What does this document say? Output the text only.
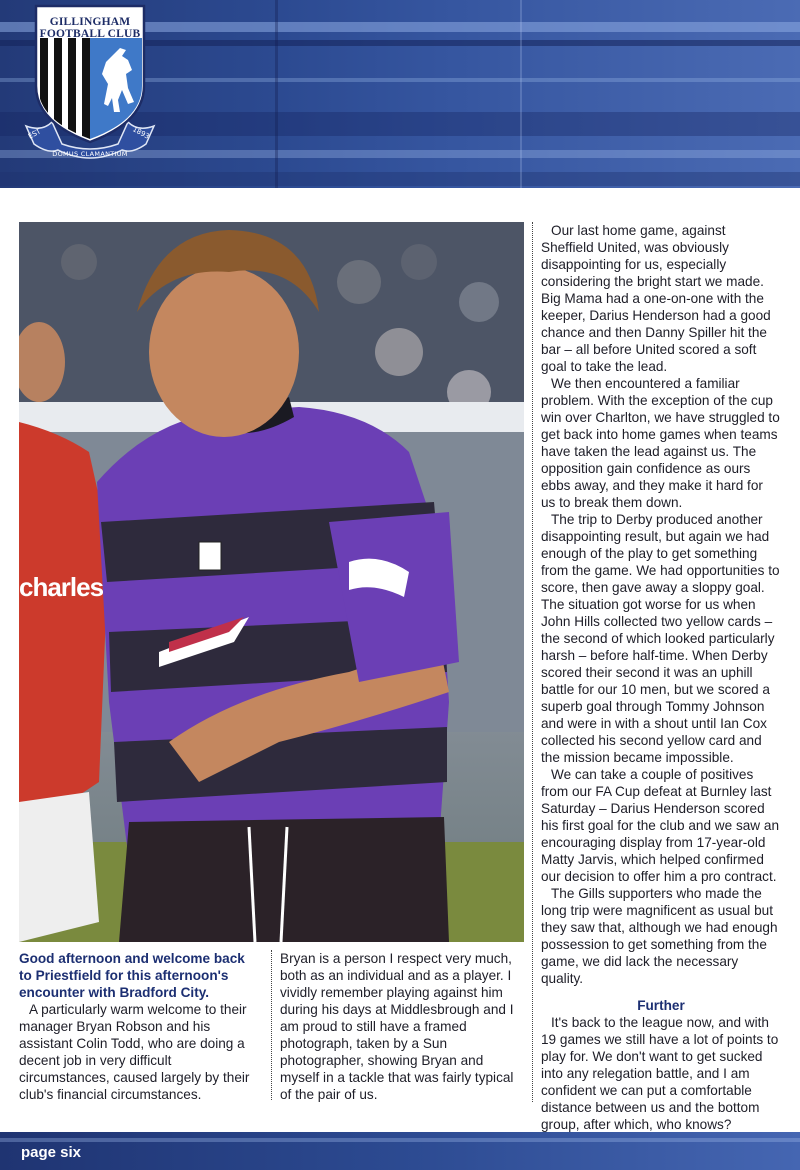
GILLINGHAM
FOOTBALL CLUB
EST	1893
DOMUS CLAMANTIUM
charles

Good afternoon and welcome back to Priestfield for this afternoon's encounter with Bradford City.

A particularly warm welcome to their manager Bryan Robson and his assistant Colin Todd, who are doing a decent job in very difficult circumstances, caused largely by their club's financial circumstances.

Bryan is a person I respect very much, both as an individual and as a player. I vividly remember playing against him during his days at Middlesbrough and I am proud to still have a framed photograph, taken by a Sun photographer, showing Bryan and myself in a tackle that was fairly typical of the pair of us.

Our last home game, against Sheffield United, was obviously disappointing for us, especially considering the bright start we made. Big Mama had a one-on-one with the keeper, Darius Henderson had a good chance and then Danny Spiller hit the bar – all before United scored a soft goal to take the lead.

We then encountered a familiar problem. With the exception of the cup win over Charlton, we have struggled to get back into home games when teams have taken the lead against us. The opposition gain confidence as ours ebbs away, and they make it hard for us to break them down.

The trip to Derby produced another disappointing result, but again we had enough of the play to get something from the game. We had opportunities to score, then gave away a sloppy goal. The situation got worse for us when John Hills collected two yellow cards – the second of which looked particularly harsh – before half-time. When Derby scored their second it was an uphill battle for our 10 men, but we scored a superb goal through Tommy Johnson and were in with a shout until Ian Cox collected his second yellow card and the mission became impossible.

We can take a couple of positives from our FA Cup defeat at Burnley last Saturday – Darius Henderson scored his first goal for the club and we saw an encouraging display from 17-year-old Matty Jarvis, which helped confirmed our decision to offer him a pro contract.

The Gills supporters who made the long trip were magnificent as usual but they saw that, although we had enough possession to get something from the game, we did lack the necessary quality.

Further

It's back to the league now, and with 19 games we still have a lot of points to play for. We don't want to get sucked into any relegation battle, and I am confident we can put a comfortable distance between us and the bottom group, after which, who knows?

page six
